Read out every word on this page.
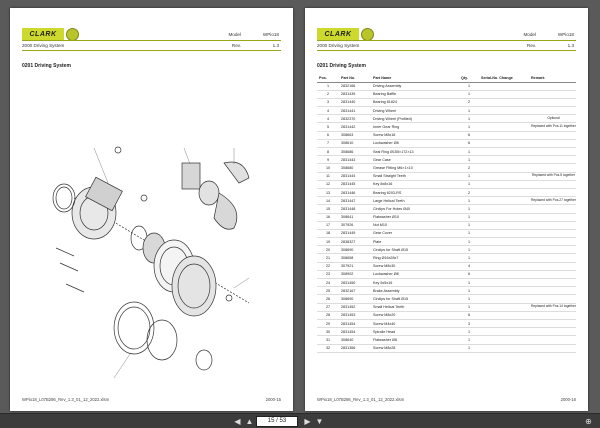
CLARK	Model	WPio18
2000 Driving System	Rev.	1.3
0201 Driving System
WPio18_L07B286_Rev_1.3_01_12_2022.xlsm	2000-15
CLARK	Model	WPio18
2000 Driving System	Rev.	1.3
0201 Driving System
Pos.	Part No.	Part Name	Qty.	Serial-No. Change	Remark
1	2832166	Driving Assembly	1		
2	2831439	Bearing Baffle	1		
3	2831440	Bearing 61824	2		
4	2831441	Driving Wheel	1		
4	2832370	Driving Wheel (Profiled)	1		Optional
5	2831442	Inner Gear Ring	1		Replaced with Pos.11 together
6	308663	Screw M8x16	6		
7	308610	Lockwasher Ø8	6		
8	308686	Seal Ring Ø155×172×13	1		
9	2831443	Gear Case	1		
10	308680	Grease Fitting M6×1×10	2		
11	2831444	Small Straight Teeth	1		Replaced with Pos.5 together
12	2831445	Key 8x8x16	1		
13	2831446	Bearing 6203-RS	2		
14	2831447	Large Helical Teeth	1		Replaced with Pos.27 together
15	2831448	Circlips For Holes Ø40	1		
16	308641	Flatwasher Ø10	1		
17	307926	Nut M10	1		
18	2831449	Gear Cover	1		
19	2838327	Plate	1		
20	308690	Circlips for Shaft Ø15	1		
21	308658	Ring Ø16x28x7	1		
22	307921	Screw M8x30	4		
23	308902	Lockwasher Ø8	6		
24	2831450	Key 5x5x16	1		
25	2832167	Brake Assembly	1		
26	308690	Circlips for Shaft Ø15	1		
27	2831452	Small Helical Teeth	1		Replaced with Pos.14 together
28	2831453	Screw M8x20	6		
29	2831454	Screw M4x40	3		
30	2831454	Spindle Head	1		
31	308640	Flatwasher Ø8	1		
32	2831366	Screw M8x28	1		
WPio18_L07B286_Rev_1.3_01_12_2022.xlsm	2000-16
◀ ▲	15 / 53	▶ ▼	⊕
